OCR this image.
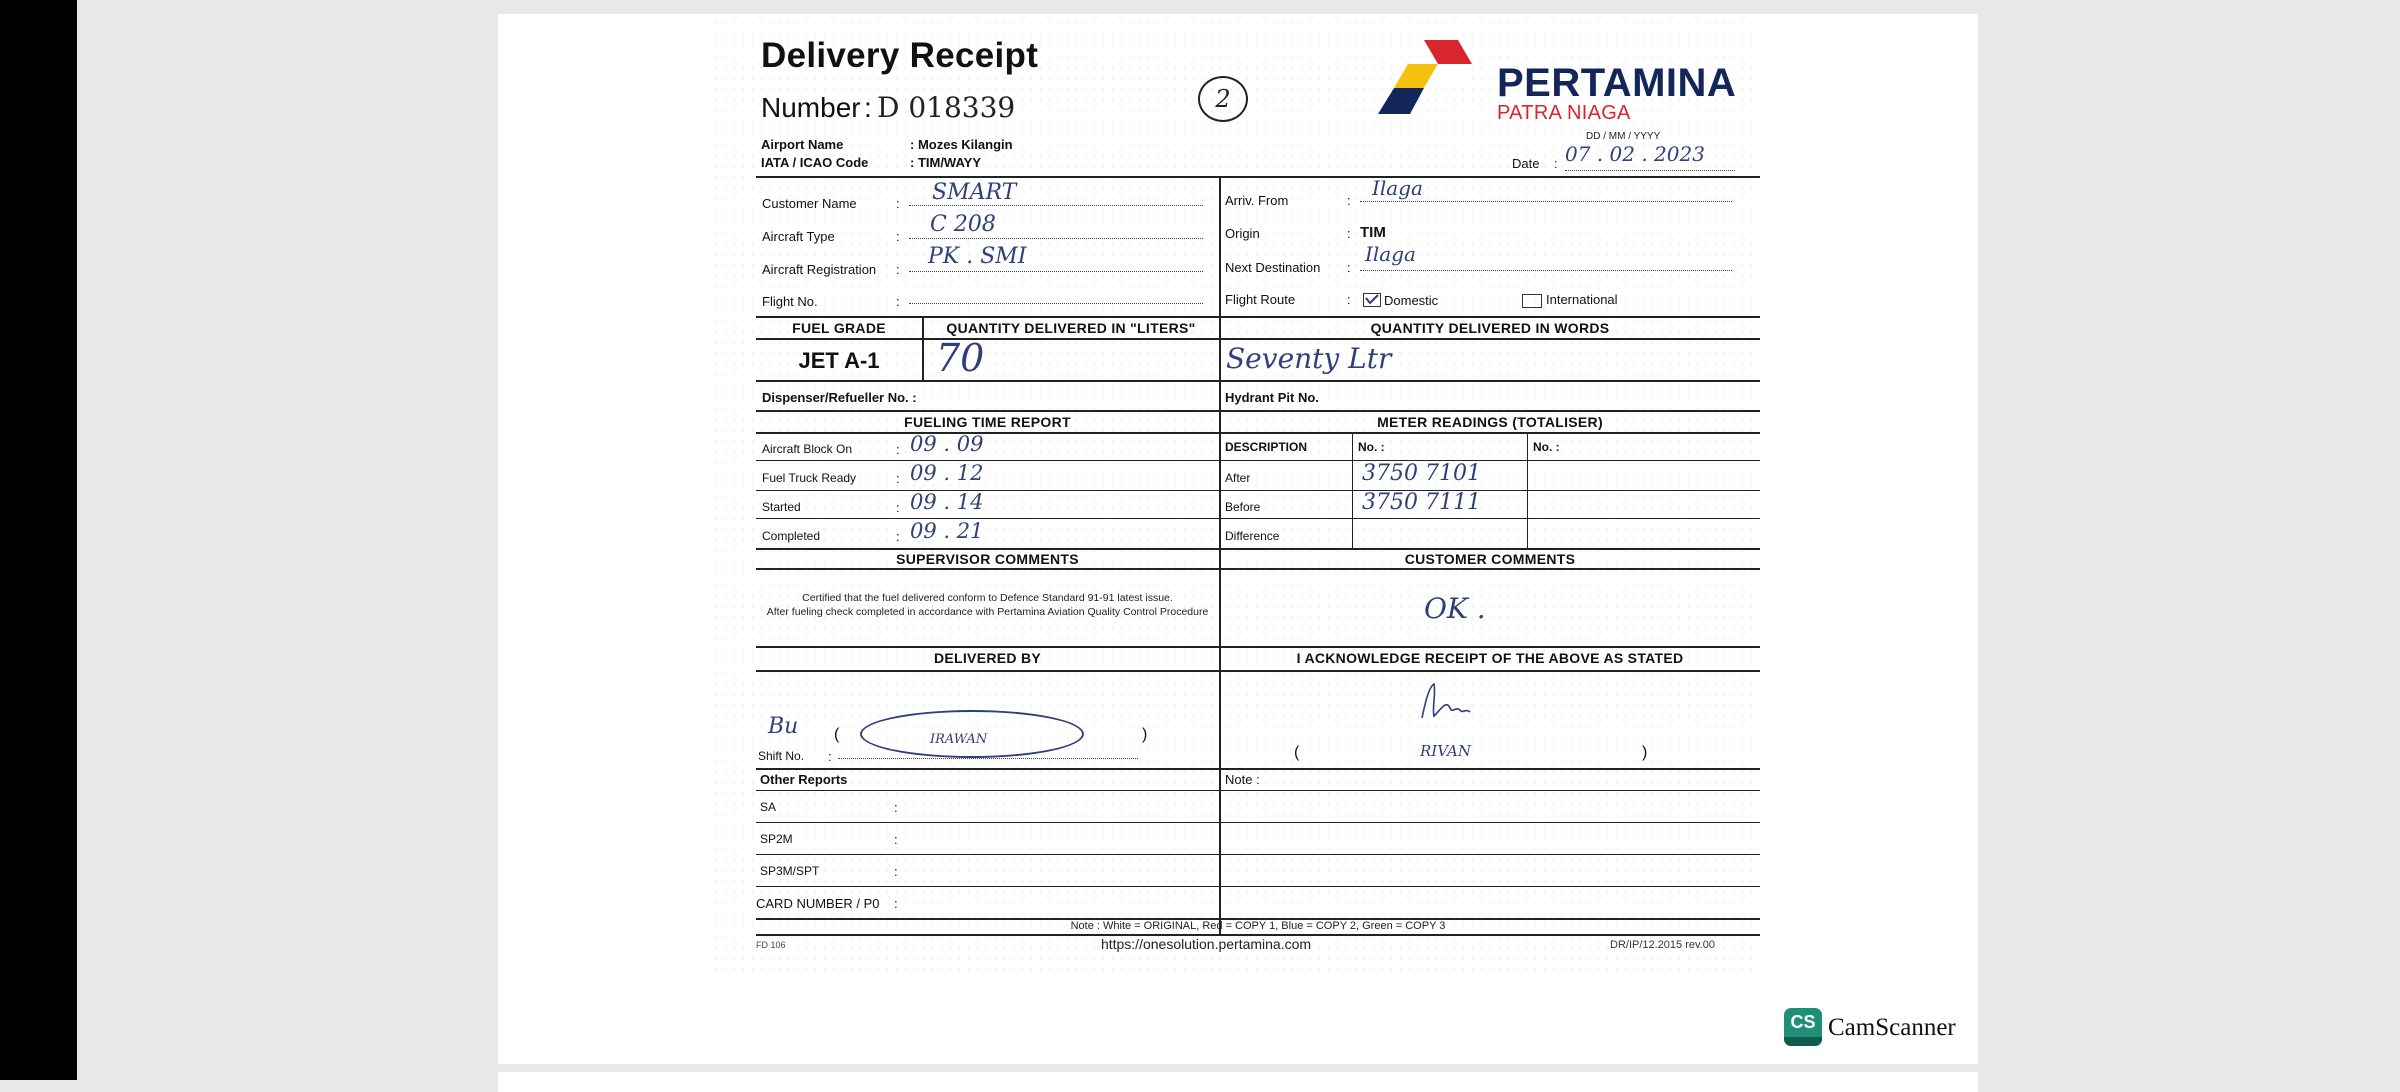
Delivery Receipt
Number : D 018339	2	PERTAMINA
PATRA NIAGA
Airport Name	: Mozes Kilangin
IATA / ICAO Code	: TIM/WAYY
DD / MM / YYYY
Date : 07 . 02 . 2023
Customer Name	: SMART
Aircraft Type	: C 208
Aircraft Registration :
PK . SMI
Flight No.	:
Arriv. From	:
Ilaga
Origin	: TIM
Next Destination :
Ilaga
Flight Route	:	Domestic	International
FUEL GRADE	QUANTITY DELIVERED IN "LITERS"	QUANTITY DELIVERED IN WORDS
JET A-1	70	Seventy Ltr
Dispenser/Refueller No. :	Hydrant Pit No.
FUELING TIME REPORT	METER READINGS (TOTALISER)
Aircraft Block On	: 09 . 09
Fuel Truck Ready	: 09 . 12
Started	: 09 . 14
Completed	: 09 . 21
DESCRIPTION	No. :	No. :
After	3750 7101
Before	3750 7111
Difference
SUPERVISOR COMMENTS	CUSTOMER COMMENTS
Certified that the fuel delivered conform to Defence Standard 91-91 latest issue.
After fueling check completed in accordance with Pertamina Aviation Quality Control Procedure	OK .
DELIVERED BY	I ACKNOWLEDGE RECEIPT OF THE ABOVE AS STATED
Bu (	IRAWAN	)
Shift No. :	(	RIVAN	)
Other Reports	Note :
SA	:
SP2M	:
SP3M/SPT	:
CARD NUMBER / P0 :
Note : White = ORIGINAL, Red = COPY 1, Blue = COPY 2, Green = COPY 3
FD 106	https://onesolution.pertamina.com	DR/IP/12.2015 rev.00
CS CamScanner
